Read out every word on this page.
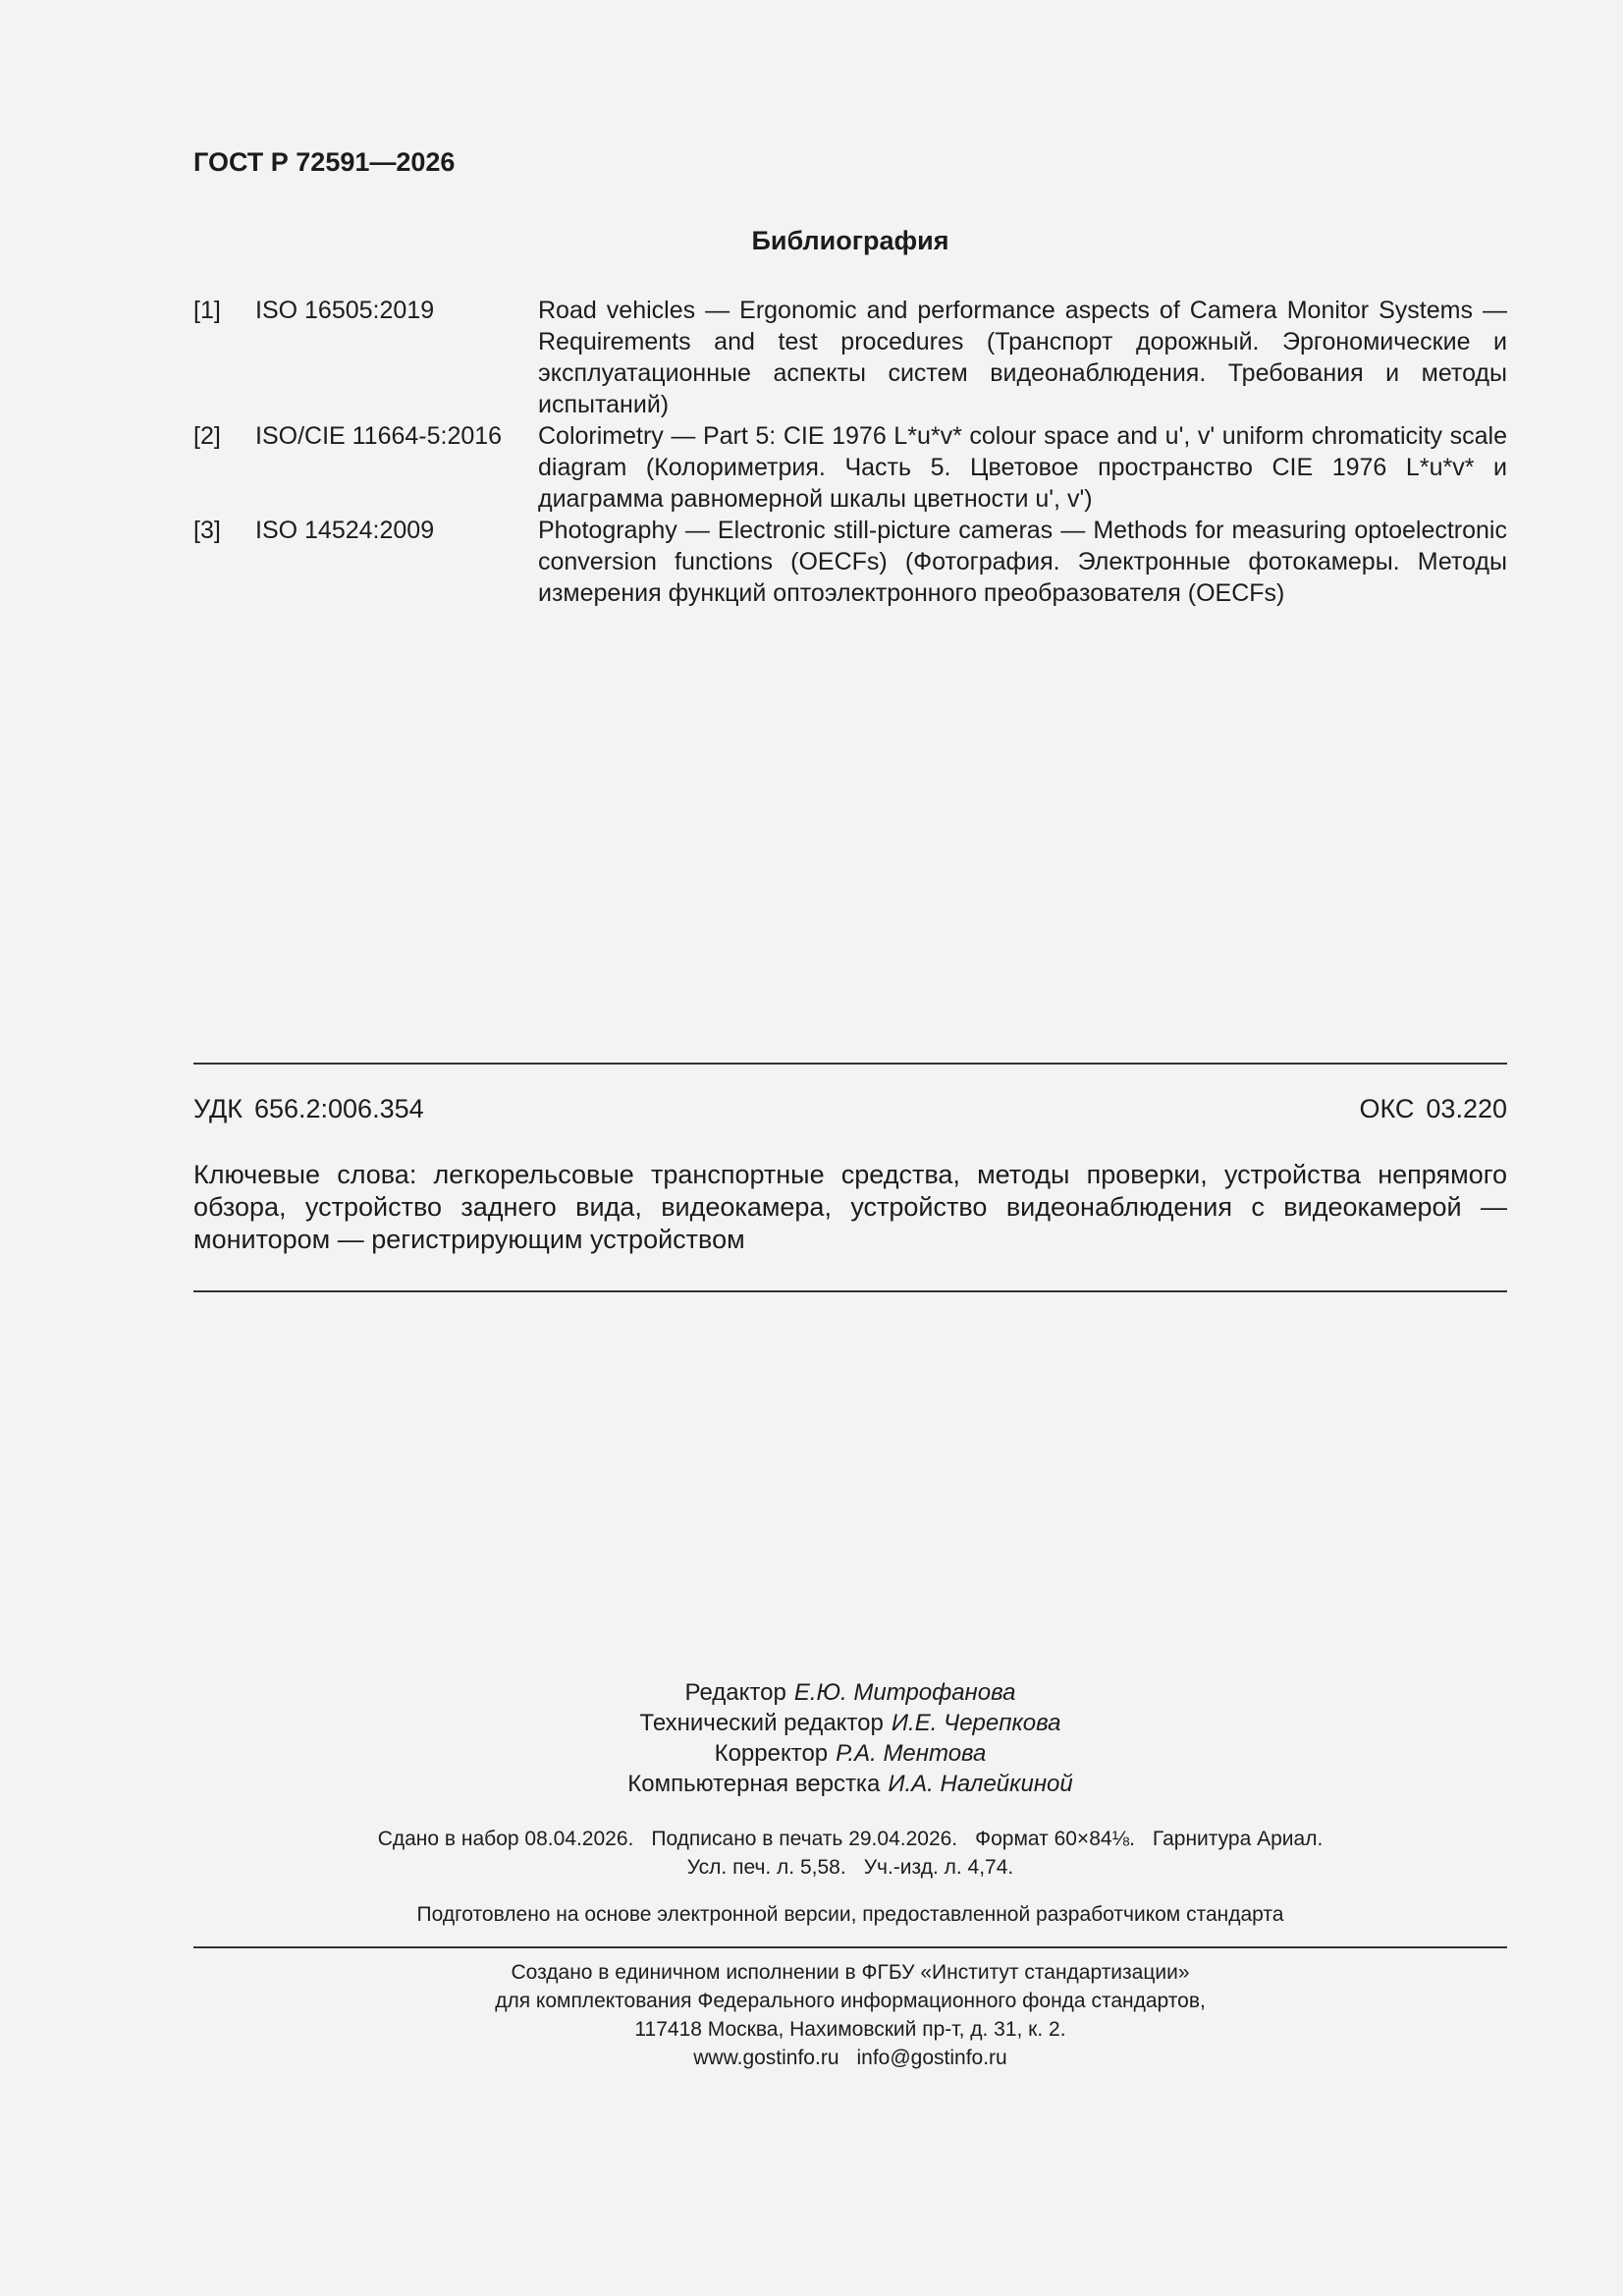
ГОСТ Р 72591—2026
Библиография
[1]	ISO 16505:2019	Road vehicles — Ergonomic and performance aspects of Camera Monitor Systems — Requirements and test procedures (Транспорт дорожный. Эргономические и эксплуатационные аспекты систем видеонаблюдения. Требования и методы испытаний)
[2]	ISO/CIE 11664-5:2016	Colorimetry — Part 5: CIE 1976 L*u*v* colour space and u', v' uniform chromaticity scale diagram (Колориметрия. Часть 5. Цветовое пространство CIE 1976 L*u*v* и диаграмма равномерной шкалы цветности u', v')
[3]	ISO 14524:2009	Photography — Electronic still-picture cameras — Methods for measuring optoelectronic conversion functions (OECFs) (Фотография. Электронные фотокамеры. Методы измерения функций оптоэлектронного преобразователя (OECFs)
УДК 656.2:006.354	ОКС 03.220
Ключевые слова: легкорельсовые транспортные средства, методы проверки, устройства непрямого обзора, устройство заднего вида, видеокамера, устройство видеонаблюдения с видеокамерой — монитором — регистрирующим устройством
Редактор Е.Ю. Митрофанова
Технический редактор И.Е. Черепкова
Корректор Р.А. Ментова
Компьютерная верстка И.А. Налейкиной
Сдано в набор 08.04.2026. Подписано в печать 29.04.2026. Формат 60×84⅛. Гарнитура Ариал.
Усл. печ. л. 5,58. Уч.-изд. л. 4,74.
Подготовлено на основе электронной версии, предоставленной разработчиком стандарта
Создано в единичном исполнении в ФГБУ «Институт стандартизации»
для комплектования Федерального информационного фонда стандартов,
117418 Москва, Нахимовский пр-т, д. 31, к. 2.
www.gostinfo.ru info@gostinfo.ru
